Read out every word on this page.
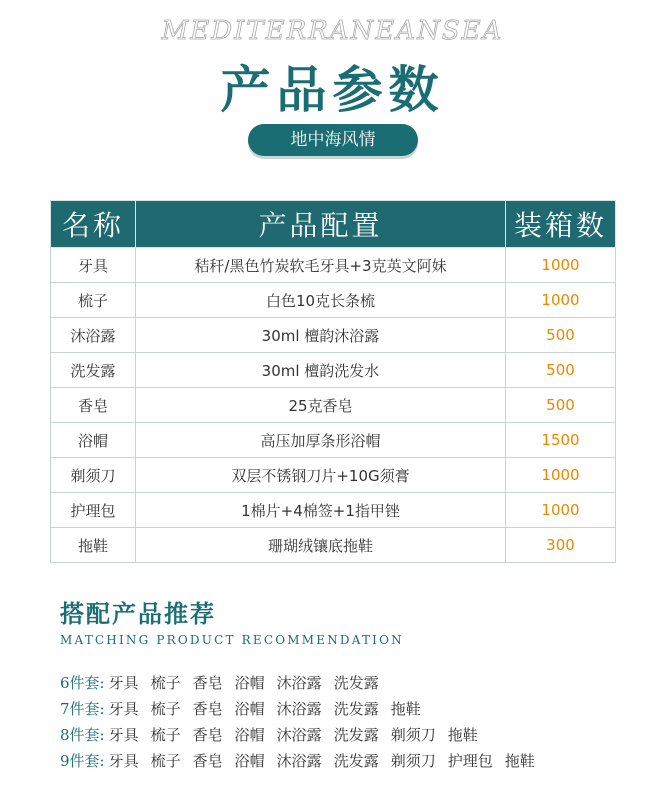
MEDITERRANEANSEA
产品参数
地中海风情
名称	产品配置	装箱数
牙具	秸秆/黑色竹炭软毛牙具+3克英文阿妹	1000
梳子	白色10克长条梳	1000
沐浴露	30ml 檀韵沐浴露	500
洗发露	30ml 檀韵洗发水	500
香皂	25克香皂	500
浴帽	高压加厚条形浴帽	1500
剃须刀	双层不锈钢刀片+10G须膏	1000
护理包	1棉片+4棉签+1指甲锉	1000
拖鞋	珊瑚绒镶底拖鞋	300
搭配产品推荐
MATCHING PRODUCT RECOMMENDATION
6件套: 牙具 梳子 香皂 浴帽 沐浴露 洗发露
7件套: 牙具 梳子 香皂 浴帽 沐浴露 洗发露 拖鞋
8件套: 牙具 梳子 香皂 浴帽 沐浴露 洗发露 剃须刀 拖鞋
9件套: 牙具 梳子 香皂 浴帽 沐浴露 洗发露 剃须刀 护理包 拖鞋
